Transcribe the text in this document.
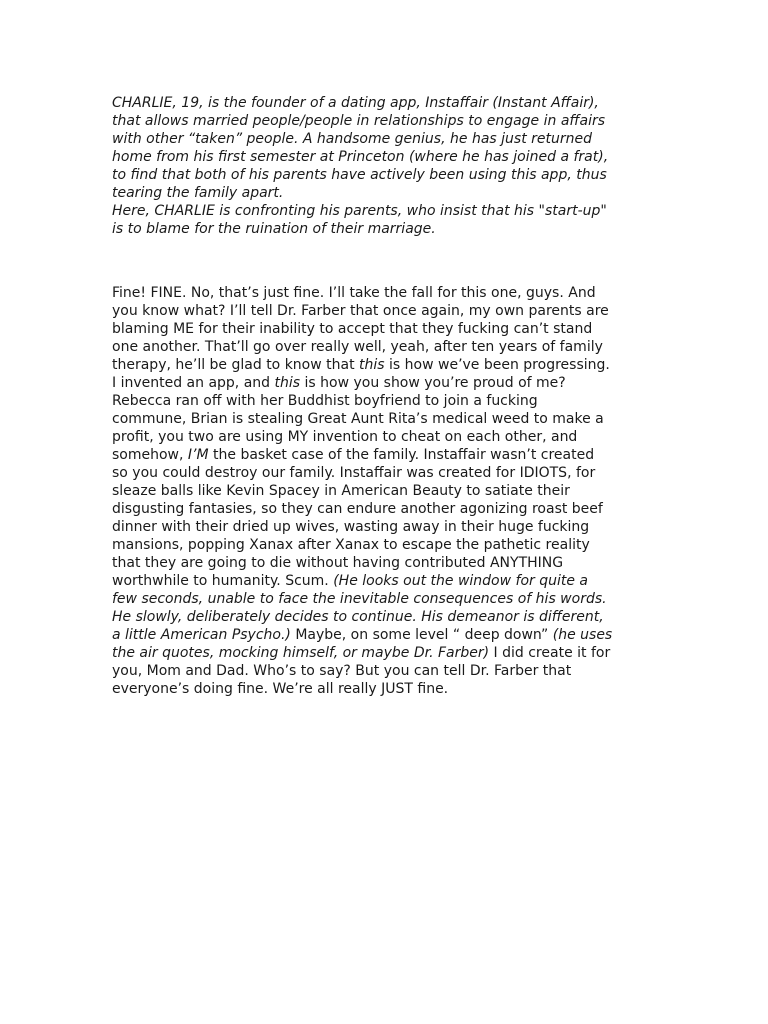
CHARLIE, 19, is the founder of a dating app, Instaffair (Instant Affair),
that allows married people/people in relationships to engage in affairs
with other “taken” people. A handsome genius, he has just returned
home from his first semester at Princeton (where he has joined a frat),
to find that both of his parents have actively been using this app, thus
tearing the family apart.
Here, CHARLIE is confronting his parents, who insist that his "start-up"
is to blame for the ruination of their marriage.

Fine! FINE. No, that’s just fine. I’ll take the fall for this one, guys. And
you know what? I’ll tell Dr. Farber that once again, my own parents are
blaming ME for their inability to accept that they fucking can’t stand
one another. That’ll go over really well, yeah, after ten years of family
therapy, he’ll be glad to know that this is how we’ve been progressing.
I invented an app, and this is how you show you’re proud of me?
Rebecca ran off with her Buddhist boyfriend to join a fucking
commune, Brian is stealing Great Aunt Rita’s medical weed to make a
profit, you two are using MY invention to cheat on each other, and
somehow, I’M the basket case of the family. Instaffair wasn’t created
so you could destroy our family. Instaffair was created for IDIOTS, for
sleaze balls like Kevin Spacey in American Beauty to satiate their
disgusting fantasies, so they can endure another agonizing roast beef
dinner with their dried up wives, wasting away in their huge fucking
mansions, popping Xanax after Xanax to escape the pathetic reality
that they are going to die without having contributed ANYTHING
worthwhile to humanity. Scum. (He looks out the window for quite a
few seconds, unable to face the inevitable consequences of his words.
He slowly, deliberately decides to continue. His demeanor is different,
a little American Psycho.) Maybe, on some level “ deep down” (he uses
the air quotes, mocking himself, or maybe Dr. Farber) I did create it for
you, Mom and Dad. Who’s to say? But you can tell Dr. Farber that
everyone’s doing fine. We’re all really JUST fine.
